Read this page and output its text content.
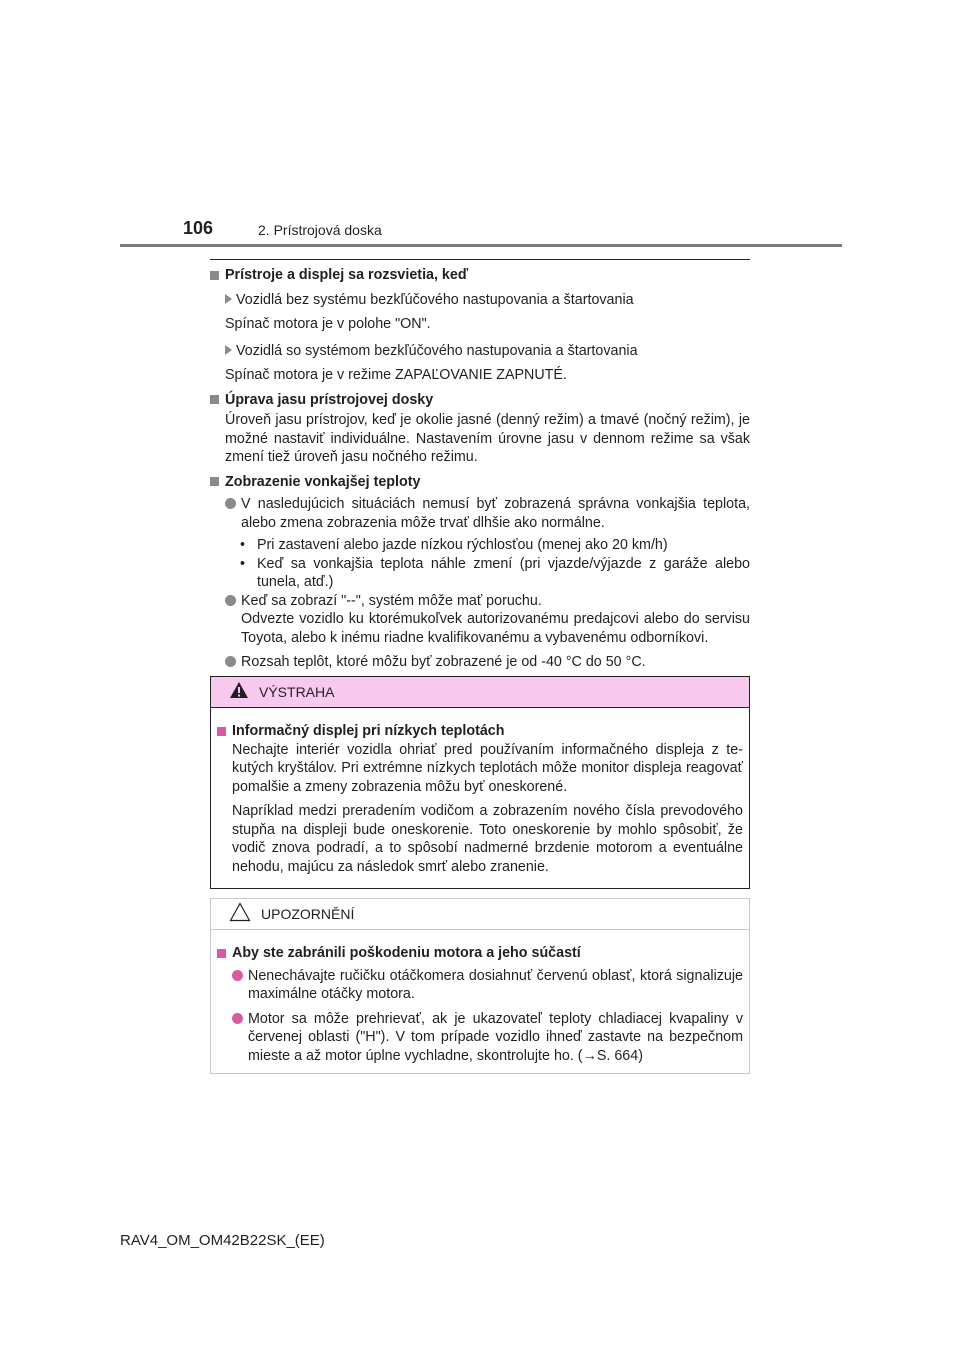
106	2. Prístrojová doska
Prístroje a displej sa rozsvietia, keď
Vozidlá bez systému bezkľúčového nastupovania a štartovania

Spínač motora je v polohe "ON".

Vozidlá so systémom bezkľúčového nastupovania a štartovania

Spínač motora je v režime ZAPAĽOVANIE ZAPNUTÉ.

Úprava jasu prístrojovej dosky

Úroveň jasu prístrojov, keď je okolie jasné (denný režim) a tmavé (nočný režim), je možné nastaviť individuálne. Nastavením úrovne jasu v dennom režime sa však zmení tiež úroveň jasu nočného režimu.

Zobrazenie vonkajšej teploty

V nasledujúcich situáciách nemusí byť zobrazená správna vonkajšia teplota, alebo zmena zobrazenia môže trvať dlhšie ako normálne.

• Pri zastavení alebo jazde nízkou rýchlosťou (menej ako 20 km/h)

• Keď sa vonkajšia teplota náhle zmení (pri vjazde/výjazde z garáže alebo tunela, atď.)

Keď sa zobrazí "--", systém môže mať poruchu.

Odvezte vozidlo ku ktorémukoľvek autorizovanému predajcovi alebo do servisu Toyota, alebo k inému riadne kvalifikovanému a vybavenému odborníkovi.

Rozsah teplôt, ktoré môžu byť zobrazené je od -40 °C do 50 °C.

VÝSTRAHA
Informačný displej pri nízkych teplotách

Nechajte interiér vozidla ohriať pred používaním informačného displeja z tekutých kryštálov. Pri extrémne nízkych teplotách môže monitor displeja reagovať pomalšie a zmeny zobrazenia môžu byť oneskorené.

Napríklad medzi preradením vodičom a zobrazením nového čísla prevodového stupňa na displeji bude oneskorenie. Toto oneskorenie by mohlo spôsobiť, že vodič znova podradí, a to spôsobí nadmerné brzdenie motorom a eventuálne nehodu, majúcu za následok smrť alebo zranenie.

UPOZORNĚNÍ
Aby ste zabránili poškodeniu motora a jeho súčastí

Nenechávajte ručičku otáčkomera dosiahnuť červenú oblasť, ktorá signalizuje maximálne otáčky motora.

Motor sa môže prehrievať, ak je ukazovateľ teploty chladiacej kvapaliny v červenej oblasti ("H"). V tom prípade vozidlo ihneď zastavte na bezpečnom mieste a až motor úplne vychladne, skontrolujte ho. (→S. 664)

RAV4_OM_OM42B22SK_(EE)
